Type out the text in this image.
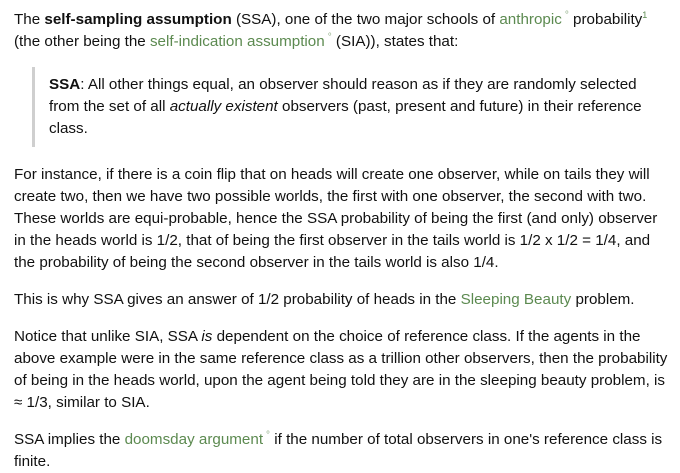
The self-sampling assumption (SSA), one of the two major schools of anthropic ° probability$^1$ (the other being the self-indication assumption ° (SIA)), states that:

SSA: All other things equal, an observer should reason as if they are randomly selected from the set of all actually existent observers (past, present and future) in their reference class.

For instance, if there is a coin flip that on heads will create one observer, while on tails they will create two, then we have two possible worlds, the first with one observer, the second with two. These worlds are equi-probable, hence the SSA probability of being the first (and only) observer in the heads world is 1/2, that of being the first observer in the tails world is 1/2 x 1/2 = 1/4, and the probability of being the second observer in the tails world is also 1/4.

This is why SSA gives an answer of 1/2 probability of heads in the Sleeping Beauty problem.

Notice that unlike SIA, SSA is dependent on the choice of reference class. If the agents in the above example were in the same reference class as a trillion other observers, then the probability of being in the heads world, upon the agent being told they are in the sleeping beauty problem, is ≈ 1/3, similar to SIA.

SSA implies the doomsday argument ° if the number of total observers in one's reference class is finite.
